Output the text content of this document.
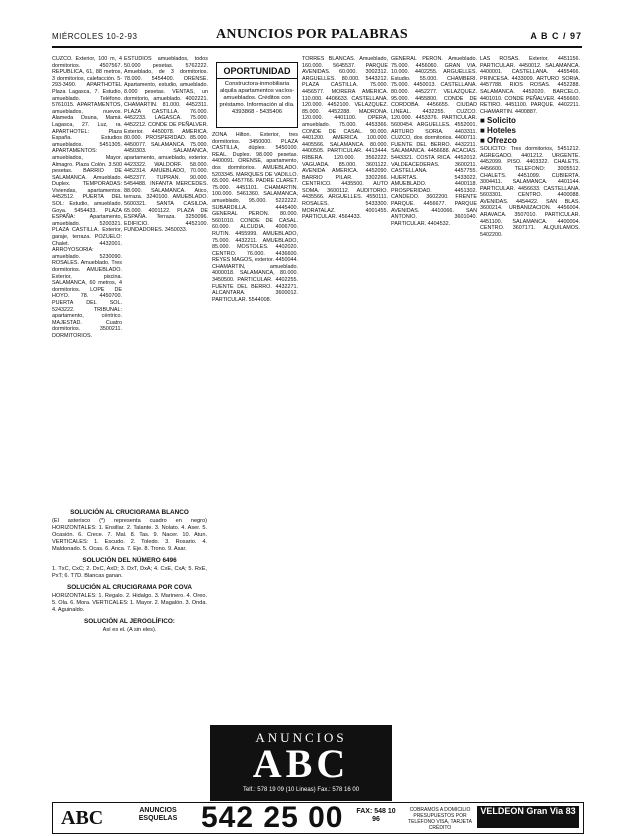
MIÉRCOLES 10-2-93	ANUNCIOS POR PALABRAS	A B C / 97

CUZCO. Exterior, 100 m, 4 dormitorios. 4507567. REPUBLICA, 61, 88 metros, 3 dormitorios, calefacción. 5-293-3490. APARTHOTEL Plaza Lagasca, 7. Estudio, amueblado. Teléfono. 5761015. APARTAMENTOS, amueblados, nuevos. Alameda Osuna, Mamá. Lagasca, 27. Luz, ra. APARTHOTEL: Plaza España. Estudios amueblados. 5451305. APARTAMENTOS: amueblados, Mayor. Almagro. Plaza Colón. 3.500 pesetas. BARRIO DE SALAMANCA. Amueblado. Duplex. TEMPORADAS: Viviendas, apartamentos. 4452512. PUERTA DEL SOL: Estudio, amueblado. Goya. 5454433. PLAZA ESPAÑA: Apartamento, amueblado. 5200321. PLAZA CASTILLA. Exterior, garaje, terraza. POZUELO: Chalet. 4432001. ARROYOSORIA: amueblado. 5230090. ROSALES. Amueblado. Tres dormitorios. AMUEBLADO. Exterior, piscina. SALAMANCA, 60 metros, 4 dormitorios. LOPE DE HOYO. 78. 4450700. PUERTA DEL SOL. 5243222. TRIBUNAL: apartamento, céntrico. MAJESTAD. Cuatro dormitorios. 3500211. DORMITORIOS.

ESTUDIOS amueblados, todos 50.000 pesetas. 5762222. Amueblado, de 3 dormitorios. 78.000. 5454400. ORENSE. Apartamento, estudio, amueblado. 8.000 pesetas. VENTAS, un dormitorio, amueblado. 4002221. CHAMARTIN. 81.000. 4452311. PLAZA CASTILLA. 76.000. 4452233. LAGASCA. 75.000. 4452212. CONDE DE PEÑALVER. Exterior. 4450078. AMERICA. 80.000. PROSPERIDAD. 85.000. 4450077. SALAMANCA. 75.000. 4450303. SALAMANCA, apartamento, amueblado, exterior. 4423322. WALDORF. 58.000. 4452314. AMUEBLADO, 70.000. 4452377. TUPRAN. 90.000. 5454488. INFANTA MERCEDES. 88.000. SALAMANCA. Atico, terraza. 3240100. AMUEBLADO. 5600321. SANTA CASILDA. 65.000. 4001122. PLAZA DE ESPAÑA. Terraza. 3250096. EDIFICIO. 4452100. FUNDADORES. 3450033.

OPORTUNIDAD
Constructora-inmobiliaria alquila apartamentos vacíos-amueblados. Créditos con préstamo. Información al día. 4393868 - 5435406

ZONA Hilton. Exterior, tres dormitorios. 3450000. PLAZA CASTILLA, dúplex. 5450100. REAL. Duplex. 98.000 pesetas. 4400091. ORENSE, apartamento, dos dormitorios. AMUEBLADO. 5203345. MARQUES DE VADILLO. 65.000. 4457766. PADRE CLARET. 75.000. 4451101. CHAMARTIN. 100.000. 5461360. SALAMANCA, amueblado, 95.000. 5222222. SUBARDILLA. 4445400. GENERAL PERON. 80.000. 5601010. CONDE DE CASAL. 60.000. ALCUDIA. 4006700. RUTIN. 4455999. AMUEBLADO, 75.000. 4432211. AMUEBLADO, 85.000. MOSTOLES. 4402020. CENTRO. 76.000. 4436600. REYES MAGOS, exterior. 4450044. CHAMARTIN, amueblado. 4000018. SALAMANCA, 80.000. 3450500. PARTICULAR. 4402255. FUENTE DEL BERRO. 4432271. ALCANTARA. 3600012. PARTICULAR. 5544008.

TORRES BLANCAS. Amueblado, 160.000. 5645537. PARQUE AVENIDAS. 60.000. 3002312. ARGUELLES. 80.000. 5443212. PLAZA CASTILLA. 75.000. 4456577. MORERA AMERICA. 110.000. 4406633. CASTELLANA. 120.000. 4452100. VELAZQUEZ. 85.000. 4452288. MADRONA. 120.000. 4401100. OPERA, amueblado. 75.000. 4453366. CONDE DE CASAL. 90.000. 4401200. AMERICA. 100.000. 4405566. SALAMANCA. 80.000. 4400505. PARTICULAR. 4413444. RIBERA. 120.000. 3562222. VAGUADA. 85.000. 3601122. AVENIDA AMERICA. 4452090. BARRIO PILAR. 3302266. CENTRICO. 4435500. AUTO SOMA. 3600112. AUDITORIO. 4435566. ARGUELLES. 4550111. ROSALES. 5433300. MORATALAZ. 4001455. PARTICULAR. 4564433.

GENERAL PERON. Amueblado. 75.000. 4456060. GRAN VIA. 10.000. 4402255. ARGUELLES. Estudio. 55.000. CHAMBERI. 75.000. 4450013. CASTELLANA. 80.000. 4452277. VELAZQUEZ. 95.000. 4455800. CONDE DE CORDOBA. 4456655. CIUDAD LINEAL. 4432255. CUZCO. 120.000. 4453376. PARTICULAR. 5600454. ARGUELLES. 4552001. ARTURO SORIA. 4403311. CUZCO, dos dormitorios. 4400711. FUENTE DEL BERRO. 4432211. SALAMANCA. 4456688. ACACIAS. 5443321. COSTA RICA. 4452012. VALDEACEDERAS. 3600211. CASTELLANA. 4457755. HUERTAS. 5433022. AMUEBLADO. 4400118. PROSPERIDAD. 4451302. CANDEDO. 3602200. FRENTE PARQUE. 4456677. PARQUE AVENIDAS. 4410066. SAN ANTONIO. 3601040. PARTICULAR. 4404532.

LAS ROSAS. Exterior. 4451156. PARTICULAR. 4450012. SALAMANCA. 4400001. CASTELLANA. 4455466. PRINCESA. 4433009. ARTURO SORIA. 4457788. RIOS ROSAS. 4452288. SALAMANCA. 4452020. BARCELO. 4401010. CONDE PEÑALVER. 4456660. RETIRO. 4451100. PARQUE. 4402211. CHAMARTIN. 4400887.

■ Solicito
■ Hoteles
■ Ofrezco

SOLICITO: Tres dormitorios, 5451212. AGREGADO. 4401212. URGENTE. 4452099. PISO. 4403322. CHALETS. 4456600. TELEFONO: 3005512. CHALETS. 4451099. CUBIERTA. 3004411. SALAMANCA. 4401144. PARTICULAR. 4456633. CASTELLANA. 5603301. CENTRO. 4400088. AVENIDAS. 4454422. SAN BLAS. 3600214. URBANIZACION. 4456004. ARAVACA. 3507010. PARTICULAR. 4451100. SALAMANCA. 4400004. CENTRO. 3607171. ALQUILAMOS. 5402200.

SOLUCIÓN AL CRUCIGRAMA BLANCO

(El asterisco (*) representa cuadro en negro) HORIZONTALES: 1. Ensillar. 2. Talante. 3. Nolato. 4. Aser. 5. Ocasión. 6. Crece. 7. Mal. 8. Tas. 9. Nacer. 10. Atun. VERTICALES: 1. Escudo. 2. Toledo. 3. Rosario. 4. Maldonado. 5. Ocas. 6. Anca. 7. Eje. 8. Trono. 9. Asar.

SOLUCIÓN DEL NÚMERO 6496

1. TxC, CxC; 2. DxC, AxD; 3. DxT, DxA; 4. CxE, CxA; 5. RxE, PxT; 6. T7D. Blancas ganan.

SOLUCIÓN AL CRUCIGRAMA POR COVA

HORIZONTALES: 1. Regalo. 2. Hidalgo. 3. Marinero. 4. Oreo. 5. Ola. 6. Mora. VERTICALES: 1. Mayor. 2. Magalón. 3. Onda. 4. Aguinaldo.

SOLUCIÓN AL JEROGLÍFICO:

Así es el. (A sin eles).

ANUNCIOS
ABC
Telf.: 578 19 09 (10 Lineas) Fax.: 578 16 00	GCP
ABC	ANUNCIOS ESQUELAS 542 25 00	FAX: 548 10 96
COBRAMOS A DOMICILIO PRESUPUESTOS POR TELÉFONO VISA, TARJETA CRÉDITO
VELDEON Gran Via 83
